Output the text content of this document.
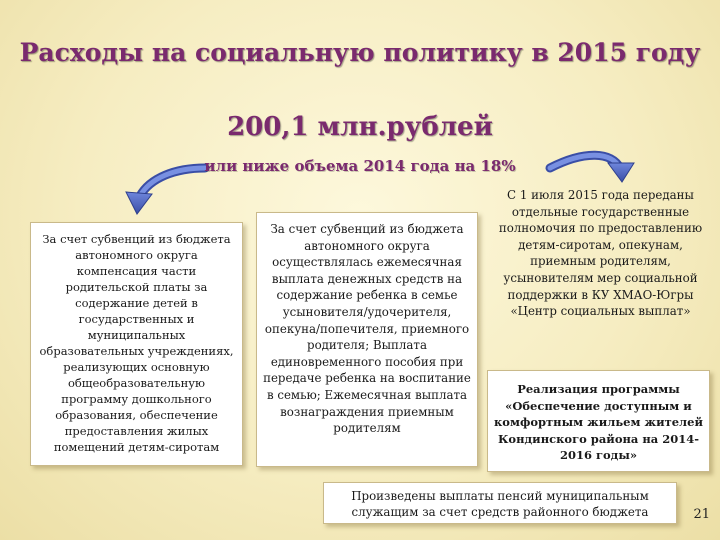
Расходы на социальную политику в 2015 году
200,1 млн.рублей
или ниже объема 2014 года на 18%
За счет субвенций из бюджета автономного округа компенсация части родительской платы за содержание детей в государственных и муниципальных образовательных учреждениях, реализующих основную общеобразовательную программу дошкольного образования, обеспечение предоставления жилых помещений детям-сиротам
За счет субвенций из бюджета автономного округа осуществлялась ежемесячная выплата денежных средств на содержание ребенка в семье усыновителя/удочерителя, опекуна/попечителя, приемного родителя; Выплата единовременного пособия при передаче ребенка на воспитание в семью; Ежемесячная выплата вознаграждения приемным родителям
С 1 июля 2015 года переданы отдельные государственные полномочия по предоставлению детям-сиротам, опекунам, приемным родителям, усыновителям мер социальной поддержки в КУ ХМАО-Югры «Центр социальных выплат»
Реализация программы «Обеспечение доступным и комфортным жильем жителей Кондинского района на 2014-2016 годы»
Произведены выплаты пенсий муниципальным служащим за счет средств районного бюджета	21
